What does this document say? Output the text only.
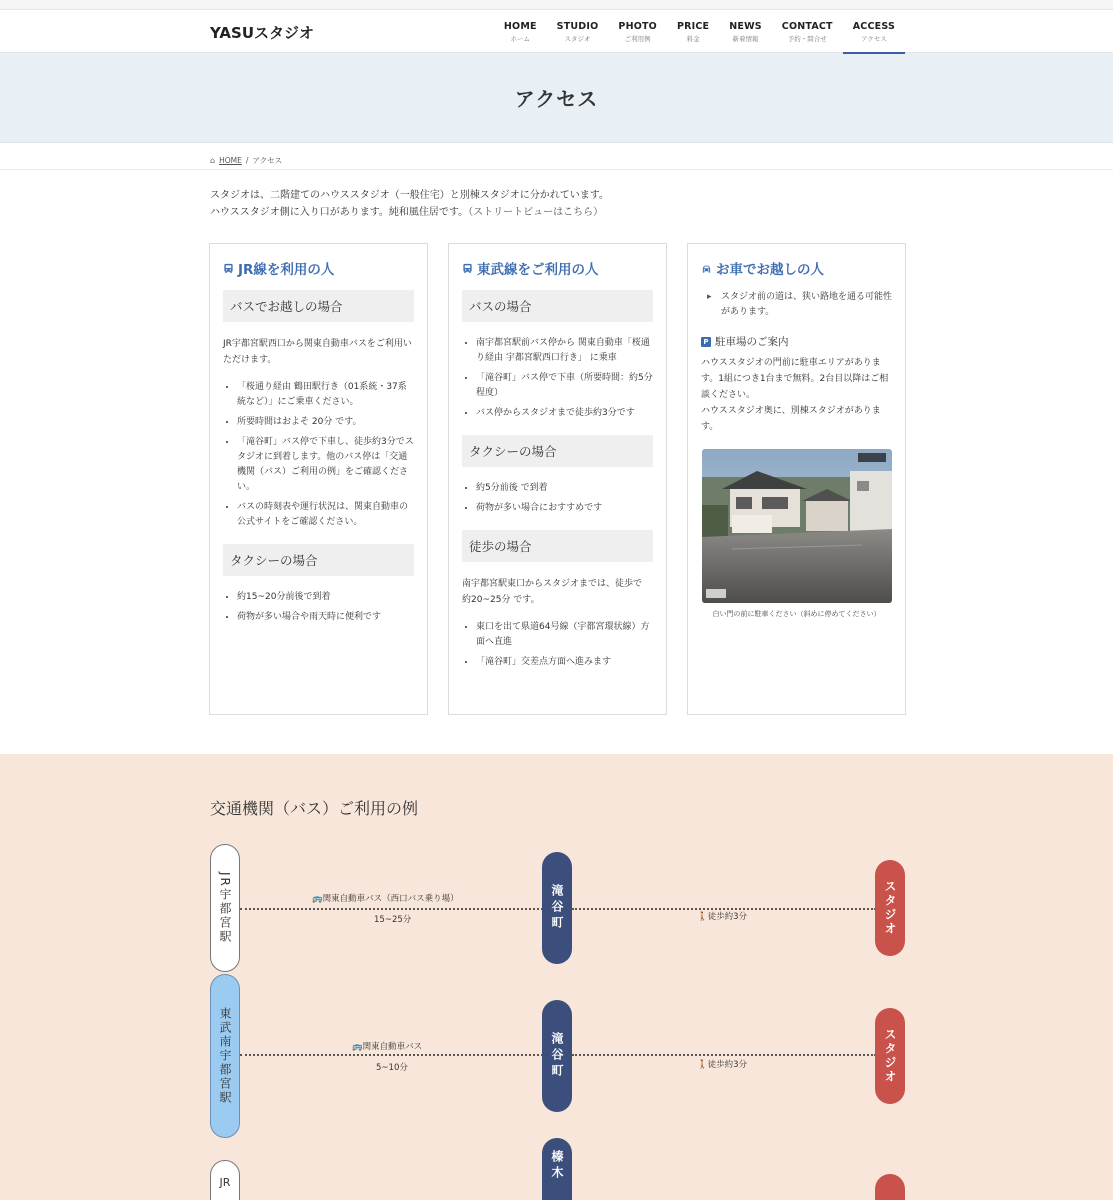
YASUスタジオ	HOME
ホーム
STUDIO
スタジオ
PHOTO
ご利用例
PRICE
料金
NEWS
新着情報
CONTACT
予約・問合せ
ACCESS
アクセス
アクセス
⌂ HOME / アクセス
スタジオは、二階建てのハウススタジオ（一般住宅）と別棟スタジオに分かれています。
ハウススタジオ側に入り口があります。純和風住居です。（ストリートビューはこちら）
JR線を利用の人
バスでお越しの場合

JR宇都宮駅西口から関東自動車バスをご利用いただけます。

• 「桜通り経由 鶴田駅行き（01系統・37系統など）」にご乗車ください。
• 所要時間はおよそ 20分 です。
• 「滝谷町」バス停で下車し、徒歩約3分でスタジオに到着します。他のバス停は「交通機関（バス）ご利用の例」をご確認ください。
• バスの時刻表や運行状況は、関東自動車の公式サイトをご確認ください。
タクシーの場合
• 約15~20分前後で到着
• 荷物が多い場合や雨天時に便利です
東武線をご利用の人
バスの場合
• 南宇都宮駅前バス停から 関東自動車「桜通り経由 宇都宮駅西口行き」 に乗車
• 「滝谷町」バス停で下車（所要時間：約5分程度）
• バス停からスタジオまで徒歩約3分です
タクシーの場合
• 約5分前後 で到着
• 荷物が多い場合におすすめです
徒歩の場合

南宇都宮駅東口からスタジオまでは、徒歩で 約20~25分 です。

• 東口を出て県道64号線（宇都宮環状線）方面へ直進
• 「滝谷町」交差点方面へ進みます
お車でお越しの人
▸ スタジオ前の道は、狭い路地を通る可能性があります。
P 駐車場のご案内

ハウススタジオの門前に駐車エリアがあります。1組につき1台まで無料。2台目以降はご相談ください。

ハウススタジオ奥に、別棟スタジオがあります。

白い門の前に駐車ください（斜めに停めてください）
交通機関（バス）ご利用の例
JR宇都宮駅	🚌関東自動車バス（西口バス乗り場）
15~25分	滝谷町	🚶徒歩約3分	スタジオ
東武南宇都宮駅	🚌関東自動車バス
5~10分	滝谷町	🚶徒歩約3分	スタジオ
JR
榛木
